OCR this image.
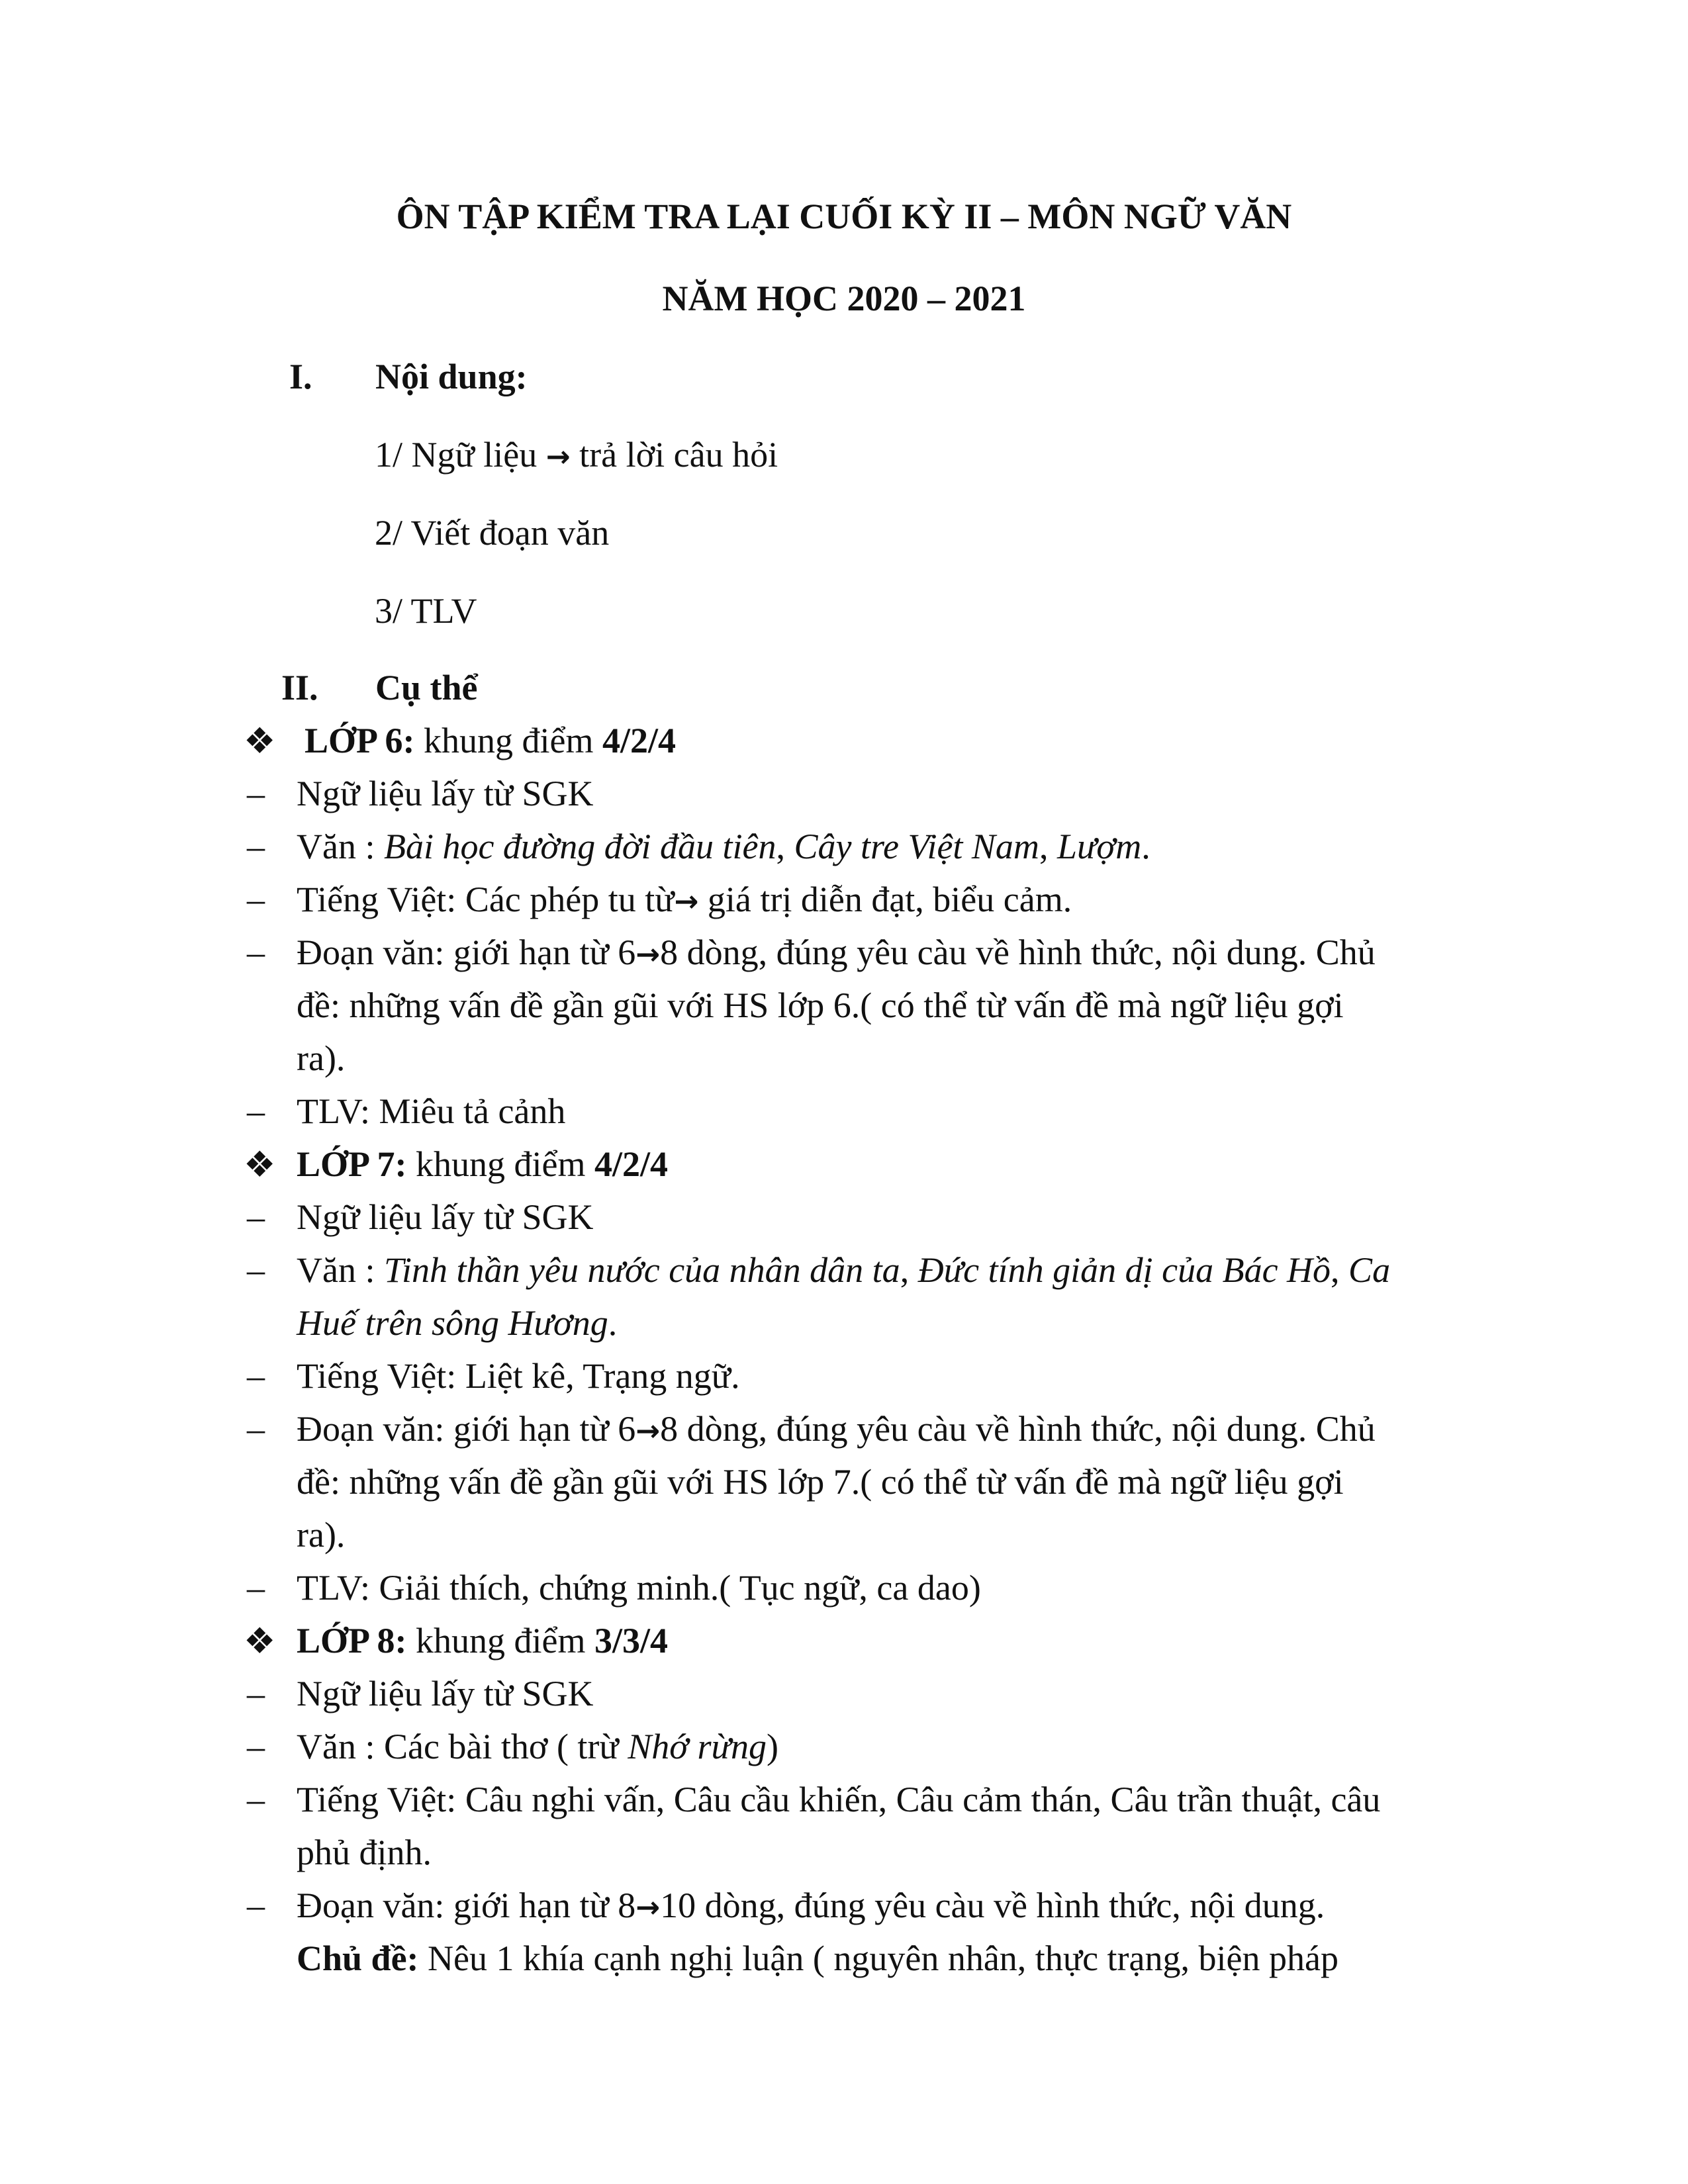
ÔN TẬP KIỂM TRA LẠI CUỐI KỲ II – MÔN NGỮ VĂN
NĂM HỌC 2020 – 2021
I. Nội dung:
1/ Ngữ liệu → trả lời câu hỏi
2/ Viết đoạn văn
3/ TLV
II. Cụ thể
❖ LỚP 6: khung điểm 4/2/4
– Ngữ liệu lấy từ SGK
– Văn : Bài học đường đời đầu tiên, Cây tre Việt Nam, Lượm.
– Tiếng Việt: Các phép tu từ→ giá trị diễn đạt, biểu cảm.
– Đoạn văn: giới hạn từ 6→8 dòng, đúng yêu càu về hình thức, nội dung. Chủ
đề: những vấn đề gần gũi với HS lớp 6.( có thể từ vấn đề mà ngữ liệu gợi
ra).
– TLV: Miêu tả cảnh
❖ LỚP 7: khung điểm 4/2/4
– Ngữ liệu lấy từ SGK
– Văn : Tinh thần yêu nước của nhân dân ta, Đức tính giản dị của Bác Hồ, Ca
Huế trên sông Hương.
– Tiếng Việt: Liệt kê, Trạng ngữ.
– Đoạn văn: giới hạn từ 6→8 dòng, đúng yêu càu về hình thức, nội dung. Chủ
đề: những vấn đề gần gũi với HS lớp 7.( có thể từ vấn đề mà ngữ liệu gợi
ra).
– TLV: Giải thích, chứng minh.( Tục ngữ, ca dao)
❖ LỚP 8: khung điểm 3/3/4
– Ngữ liệu lấy từ SGK
– Văn : Các bài thơ ( trừ Nhớ rừng)
– Tiếng Việt: Câu nghi vấn, Câu cầu khiến, Câu cảm thán, Câu trần thuật, câu
phủ định.
– Đoạn văn: giới hạn từ 8→10 dòng, đúng yêu càu về hình thức, nội dung.
Chủ đề: Nêu 1 khía cạnh nghị luận ( nguyên nhân, thực trạng, biện pháp
